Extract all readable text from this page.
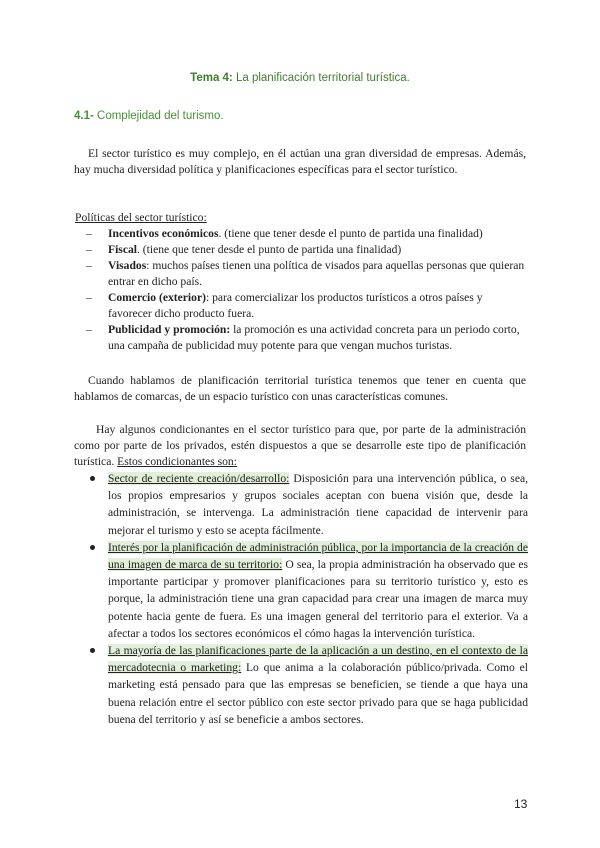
Tema 4: La planificación territorial turística.
4.1- Complejidad del turismo.

El sector turístico es muy complejo, en él actúan una gran diversidad de empresas. Además, hay mucha diversidad política y planificaciones específicas para el sector turístico.

Políticas del sector turístico:
– Incentivos económicos. (tiene que tener desde el punto de partida una finalidad)
– Fiscal. (tiene que tener desde el punto de partida una finalidad)
– Visados: muchos países tienen una política de visados para aquellas personas que quieran entrar en dicho país.
– Comercio (exterior): para comercializar los productos turísticos a otros países y favorecer dicho producto fuera.
– Publicidad y promoción: la promoción es una actividad concreta para un periodo corto, una campaña de publicidad muy potente para que vengan muchos turistas.

Cuando hablamos de planificación territorial turística tenemos que tener en cuenta que hablamos de comarcas, de un espacio turístico con unas características comunes.

Hay algunos condicionantes en el sector turístico para que, por parte de la administración como por parte de los privados, estén dispuestos a que se desarrolle este tipo de planificación turística. Estos condicionantes son:

Sector de reciente creación/desarrollo: Disposición para una intervención pública, o sea, los propios empresarios y grupos sociales aceptan con buena visión que, desde la administración, se intervenga. La administración tiene capacidad de intervenir para mejorar el turismo y esto se acepta fácilmente.
Interés por la planificación de administración pública, por la importancia de la creación de una imagen de marca de su territorio: O sea, la propia administración ha observado que es importante participar y promover planificaciones para su territorio turístico y, esto es porque, la administración tiene una gran capacidad para crear una imagen de marca muy potente hacia gente de fuera. Es una imagen general del territorio para el exterior. Va a afectar a todos los sectores económicos el cómo hagas la intervención turística.
La mayoría de las planificaciones parte de la aplicación a un destino, en el contexto de la mercadotecnia o marketing: Lo que anima a la colaboración público/privada. Como el marketing está pensado para que las empresas se beneficien, se tiende a que haya una buena relación entre el sector público con este sector privado para que se haga publicidad buena del territorio y así se beneficie a ambos sectores.
13
